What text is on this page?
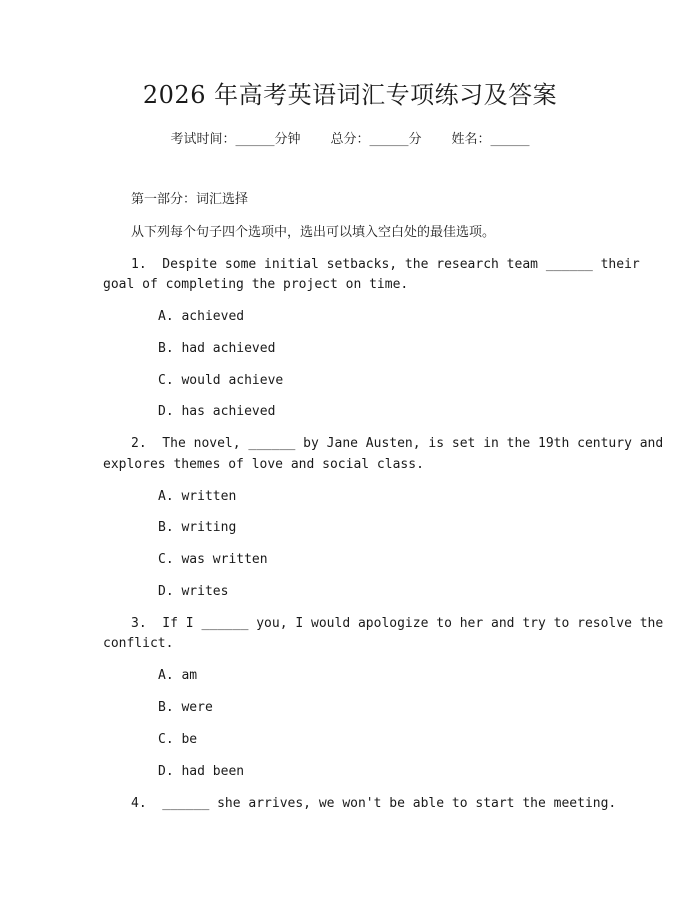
2026 年高考英语词汇专项练习及答案
考试时间：______分钟 总分：______分 姓名：______

第一部分：词汇选择

从下列每个句子四个选项中，选出可以填入空白处的最佳选项。

1.  Despite some initial setbacks, the research team ______ their

goal of completing the project on time.

A. achieved

B. had achieved

C. would achieve

D. has achieved

2.  The novel, ______ by Jane Austen, is set in the 19th century and

explores themes of love and social class.

A. written

B. writing

C. was written

D. writes

3.  If I ______ you, I would apologize to her and try to resolve the

conflict.

A. am

B. were

C. be

D. had been

4.  ______ she arrives, we won't be able to start the meeting.
